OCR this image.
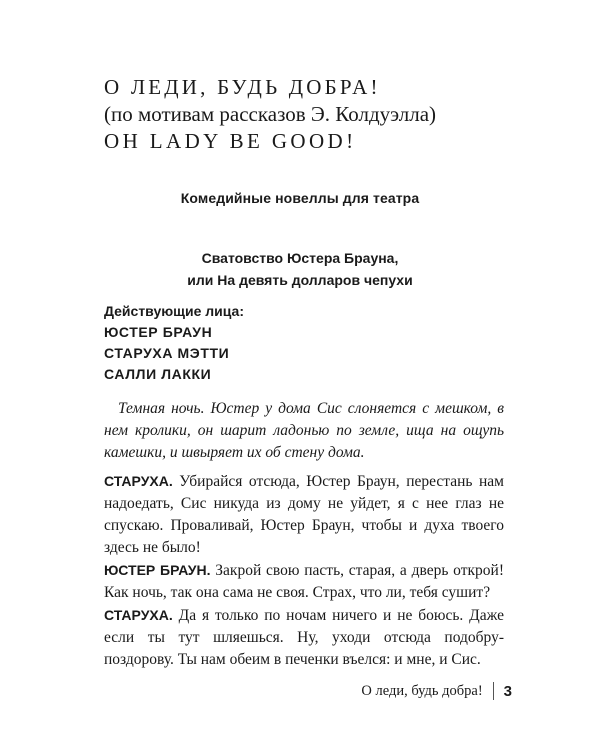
О ЛЕДИ, БУДЬ ДОБРА!
(по мотивам рассказов Э. Колдуэлла)
OH LADY BE GOOD!
Комедийные новеллы для театра
Сватовство Юстера Брауна,
или На девять долларов чепухи
Действующие лица:
ЮСТЕР БРАУН
СТАРУХА МЭТТИ
САЛЛИ ЛАККИ
Темная ночь. Юстер у дома Сис слоняется с мешком, в нем кролики, он шарит ладонью по земле, ища на ощупь камешки, и швыряет их об стену дома.

СТАРУХА. Убирайся отсюда, Юстер Браун, перестань нам надоедать, Сис никуда из дому не уйдет, я с нее глаз не спускаю. Проваливай, Юстер Браун, чтобы и духа твоего здесь не было!

ЮСТЕР БРАУН. Закрой свою пасть, старая, а дверь открой! Как ночь, так она сама не своя. Страх, что ли, тебя сушит?

СТАРУХА. Да я только по ночам ничего и не боюсь. Даже если ты тут шляешься. Ну, уходи отсюда подобру-поздорову. Ты нам обеим в печенки въелся: и мне, и Сис.

О леди, будь добра! 3
